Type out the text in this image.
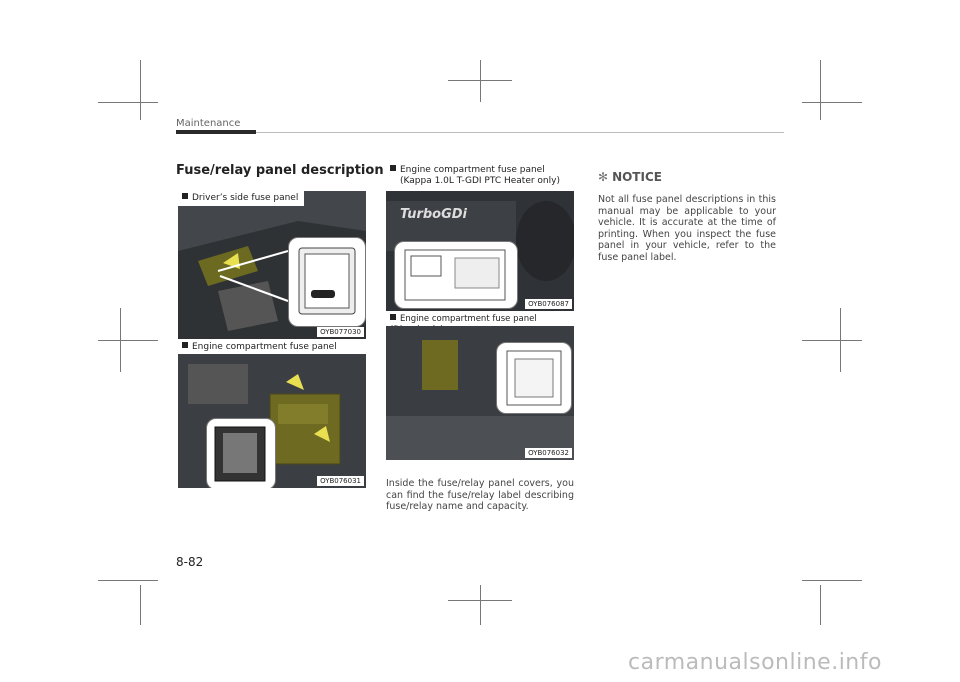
Maintenance
Fuse/relay panel description
Driver’s side fuse panel
OYB077030
Engine compartment fuse panel
OYB076031
TurboGDi
Engine compartment fuse panel
(Kappa 1.0L T-GDI PTC Heater only)
OYB076087
Engine compartment fuse panel
OYB076032
Inside the fuse/relay panel covers, you can find the fuse/relay label describing fuse/relay name and capacity.
✻ NOTICE
Not all fuse panel descriptions in this manual may be applicable to your vehicle. It is accurate at the time of printing. When you inspect the fuse panel in your vehicle, refer to the fuse panel label.
8-82
carmanualsonline.info
